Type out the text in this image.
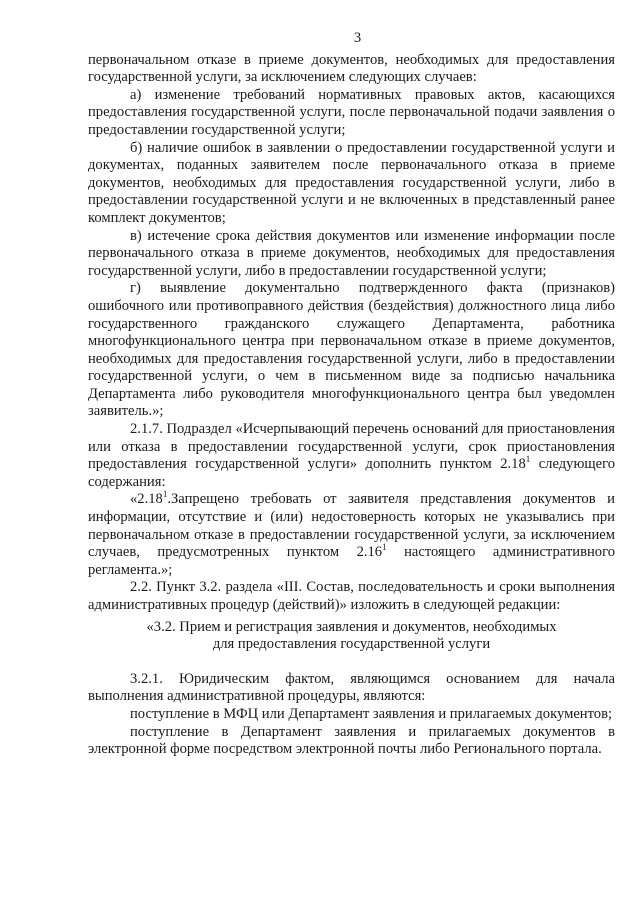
3

первоначальном отказе в приеме документов, необходимых для предоставления государственной услуги, за исключением следующих случаев:

а) изменение требований нормативных правовых актов, касающихся предоставления государственной услуги, после первоначальной подачи заявления о предоставлении государственной услуги;

б) наличие ошибок в заявлении о предоставлении государственной услуги и документах, поданных заявителем после первоначального отказа в приеме документов, необходимых для предоставления государственной услуги, либо в предоставлении государственной услуги и не включенных в представленный ранее комплект документов;

в) истечение срока действия документов или изменение информации после первоначального отказа в приеме документов, необходимых для предоставления государственной услуги, либо в предоставлении государственной услуги;

г) выявление документально подтвержденного факта (признаков) ошибочного или противоправного действия (бездействия) должностного лица либо государственного гражданского служащего Департамента, работника многофункционального центра при первоначальном отказе в приеме документов, необходимых для предоставления государственной услуги, либо в предоставлении государственной услуги, о чем в письменном виде за подписью начальника Департамента либо руководителя многофункционального центра был уведомлен заявитель.»;

2.1.7. Подраздел «Исчерпывающий перечень оснований для приостановления или отказа в предоставлении государственной услуги, срок приостановления предоставления государственной услуги» дополнить пунктом 2.18$^1$ следующего содержания:

«2.18$^1$.Запрещено требовать от заявителя представления документов и информации, отсутствие и (или) недостоверность которых не указывались при первоначальном отказе в предоставлении государственной услуги, за исключением случаев, предусмотренных пунктом 2.16$^1$ настоящего административного регламента.»;

2.2. Пункт 3.2. раздела «III. Состав, последовательность и сроки выполнения административных процедур (действий)» изложить в следующей редакции:

«3.2. Прием и регистрация заявления и документов, необходимых
для предоставления государственной услуги

3.2.1. Юридическим фактом, являющимся основанием для начала выполнения административной процедуры, являются:

поступление в МФЦ или Департамент заявления и прилагаемых документов;

поступление в Департамент заявления и прилагаемых документов в электронной форме посредством электронной почты либо Регионального портала.
